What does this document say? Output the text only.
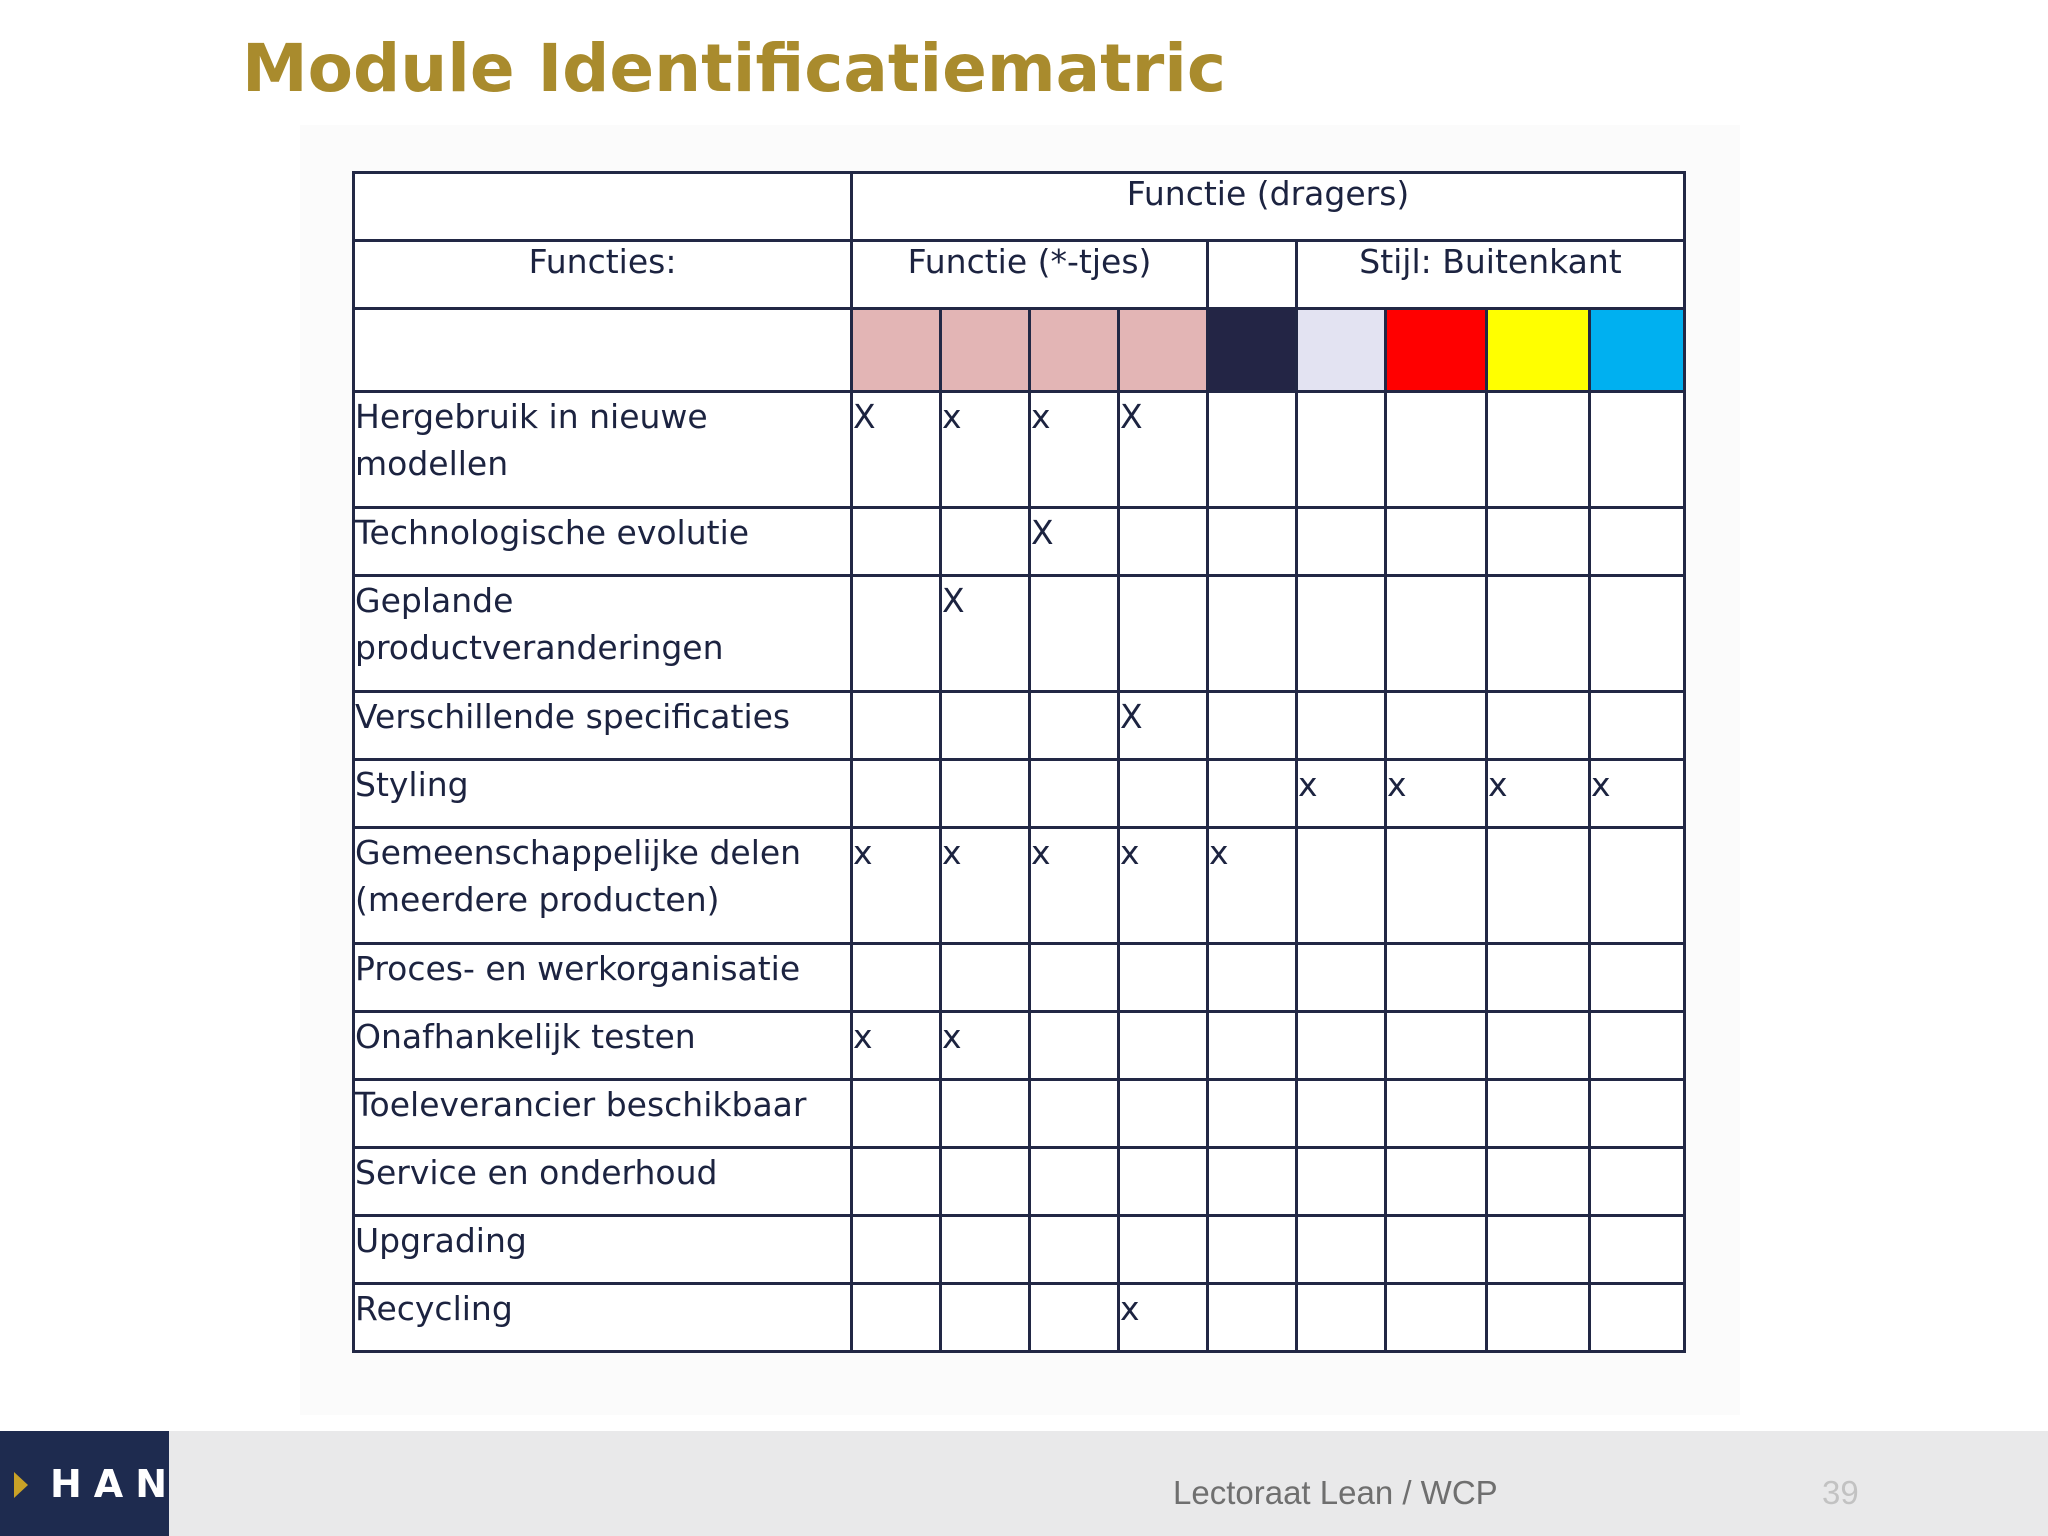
Module Identificatiematric
	Functie (dragers)								
Functies:	Functie (*-tjes)					Stijl: Buitenkant			

Hergebruik in nieuwe modellen	X	x	x	X					
Technologische evolutie			X						
Geplande productveranderingen		X							
Verschillende specificaties				X					
Styling						x	x	x	x
Gemeenschappelijke delen (meerdere producten)	x	x	x	x	x				
Proces- en werkorganisatie									
Onafhankelijk testen	x	x							
Toeleverancier beschikbaar									
Service en onderhoud									
Upgrading									
Recycling				x					
HAN	Lectoraat Lean / WCP	39
